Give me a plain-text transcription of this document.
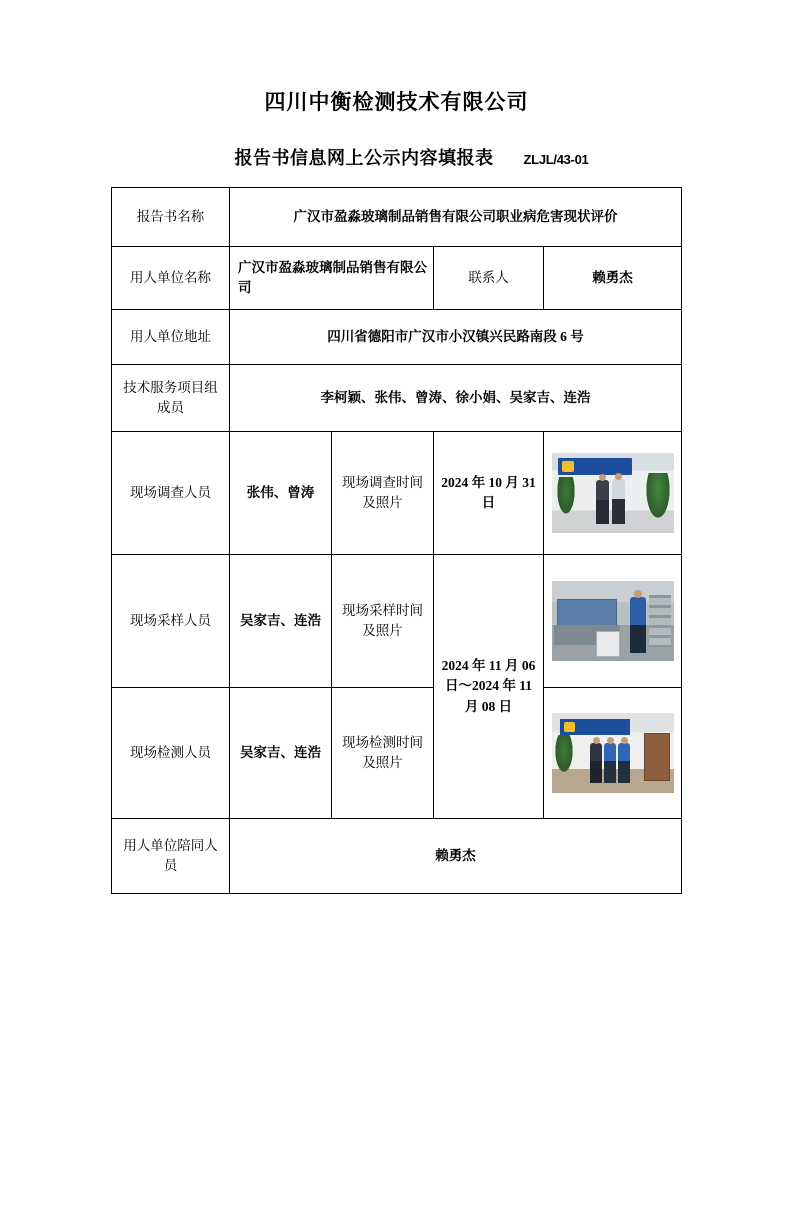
四川中衡检测技术有限公司
报告书信息网上公示内容填报表 ZLJL/43-01
报告书名称	广汉市盈淼玻璃制品销售有限公司职业病危害现状评价			
用人单位名称	广汉市盈淼玻璃制品销售有限公司		联系人	赖勇杰
用人单位地址	四川省德阳市广汉市小汉镇兴民路南段 6 号			
技术服务项目组成员	李柯颖、张伟、曾涛、徐小娟、吴家吉、连浩			
现场调查人员	张伟、曾涛	现场调查时间及照片	2024 年 10 月 31 日	

现场采样人员	吴家吉、连浩	现场采样时间及照片	2024 年 11 月 06 日～2024 年 11 月 08 日	

现场检测人员	吴家吉、连浩	现场检测时间及照片		

用人单位陪同人员	赖勇杰			
